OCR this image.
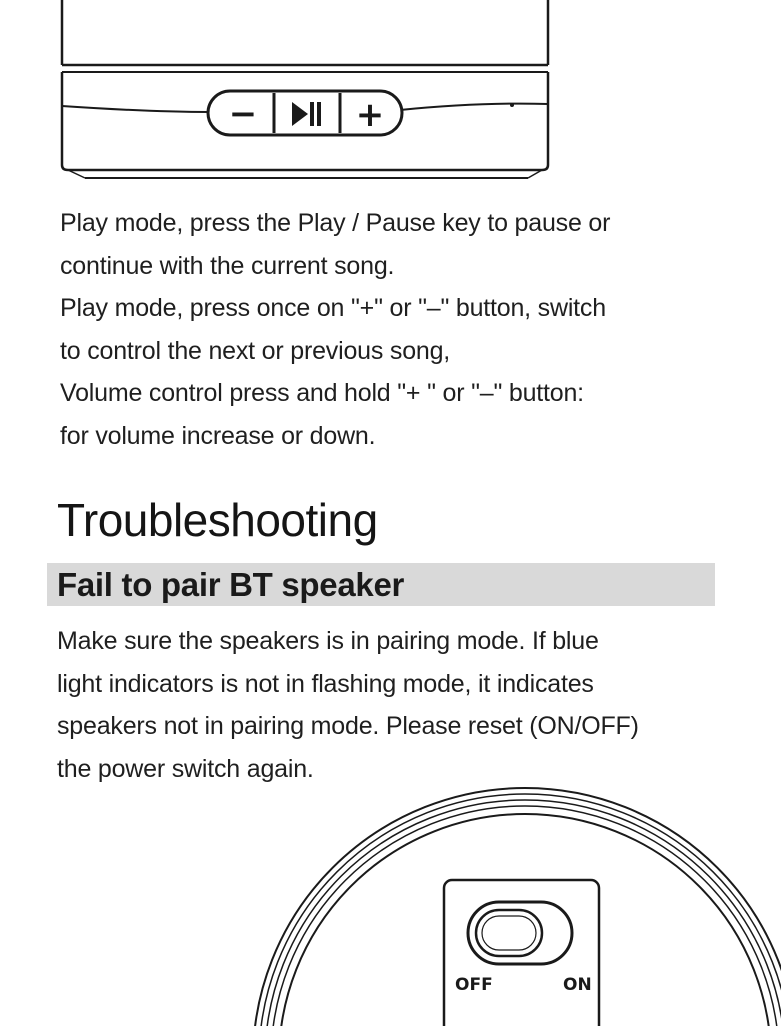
−	+

Play mode, press the Play / Pause key to pause or

continue with the current song.

Play mode, press once on "+" or "–" button, switch

to control the next or previous song,

Volume control press and hold "+ " or "–" button:

for volume increase or down.

Troubleshooting
Fail to pair BT speaker

Make sure the speakers is in pairing mode. If blue

light indicators is not in flashing mode, it indicates

speakers not in pairing mode. Please reset (ON/OFF)

the power switch again.

OFF	ON
